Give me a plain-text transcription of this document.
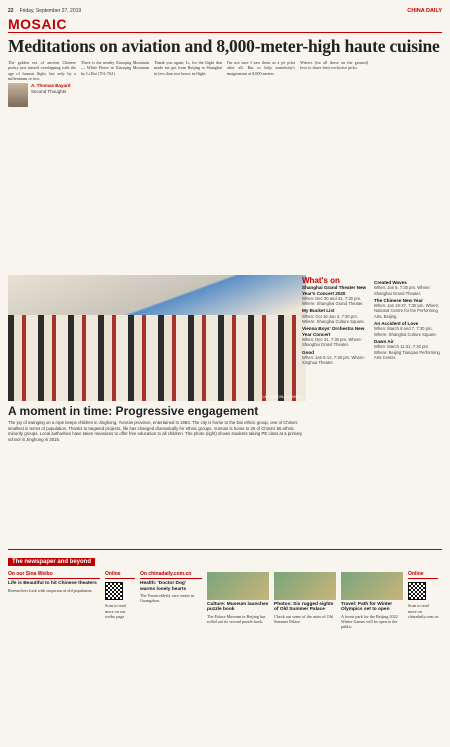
22 Friday, September 27, 2019	CHINA DAILY
MOSAIC
Meditations on aviation and 8,000-meter-high haute cuisine

The golden era of ancient Chinese poetry just missed overlapping with the age of human flight, but only by a millennium or two.

A. Thomas Bayard
Second Thoughts

There is the nearby Xiaoqing Mountain — White Horse in Xiaoqing Mountain by Li Bai (701-762).

Thank you again, Li, for the flight that made me get from Beijing to Shanghai in less than two hours in-flight.

I'm not sure I saw them as a jet pilot after all. But to help somebody's imagination at 8,000 meters.

Writers (for all those on the ground) love to share their exclusive picks.

LIU XIANGHUI / XINHUA
A moment in time: Progressive engagement

The joy of swinging on a rope keeps children in Jinghong, Yunnan province, entertained in 1983. The city is home to the Dai ethnic group, one of China's smallest in terms of population. Thanks to targeted projects, life has changed dramatically for ethnic groups. Yunnan is home to 25 of China's 55 ethnic minority groups. Local authorities have taken measures to offer free education to all children. The photo (right) shows students taking PE class at a primary school in Jinghong in 2015.

What's on
Shanghai Grand Theater New Year's Concert 2020
When: Dec 30 and 31, 7:30 pm. Where: Shanghai Grand Theater.
My Bucket List
When: Oct 16-Jan 4, 7:30 pm. Where: Shanghai Culture Square.
Vienna Boys' Orchestra New Year Concert
When: Dec 31, 7:30 pm. Where: Shanghai Grand Theater.
Good
When: Jan 5-12, 7:30 pm. Where: Xinghua Theater.
Created Waves
When: Jan 8, 7:30 pm. Where: Shanghai Grand Theater.
The Chinese New Year
When: Jan 19-27, 7:30 pm. Where: National Centre for the Performing Arts, Beijing.
An Accident of Love
When: March 6 and 7, 7:30 pm. Where: Shanghai Culture Square.
Dawn Air
When: March 11-31, 7:30 pm. Where: Beijing Tianqiao Performing Arts Center.
The newspaper and beyond
On our Sina Weibo
Life is Beautiful to hit Chinese theaters
Researchers look with suspicion at old population.
Online
Scan to read more on our weibo page
On chinadaily.com.cn
Health: 'Doctor Dog' warms lonely hearts
The Yaoan elderly care center in Guangzhou.
Culture: Museum launches puzzle book
The Palace Museum in Beijing has rolled out its second puzzle book.
Photos: Six rugged sights of Old Summer Palace
Check out some of the ruins of Old Summer Palace.
Travel: Path for Winter Olympics set to open
A forest park for the Beijing 2022 Winter Games will be open to the public.
Online
Scan to read more on chinadaily.com.cn
